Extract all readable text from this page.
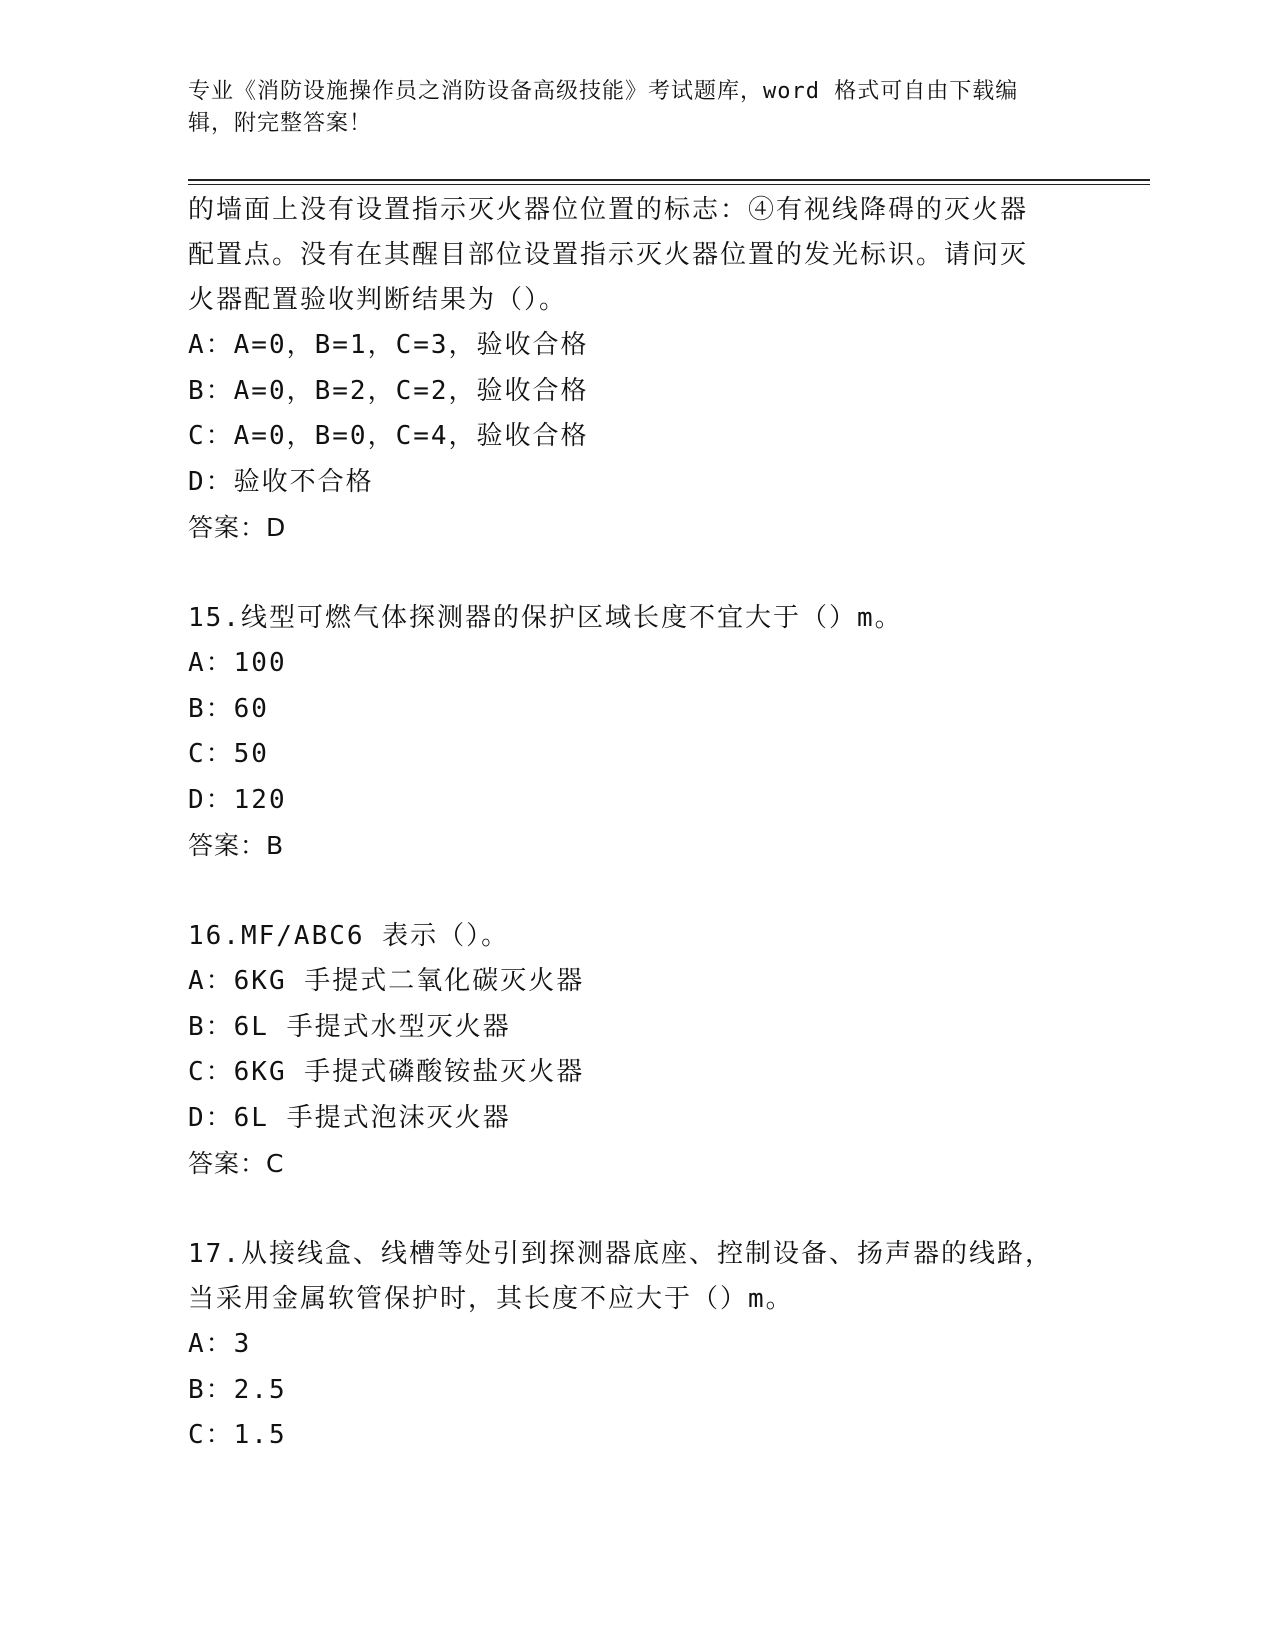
专业《消防设施操作员之消防设备高级技能》考试题库，word 格式可自由下载编
辑，附完整答案！
的墙面上没有设置指示灭火器位位置的标志：④有视线降碍的灭火器
配置点。没有在其醒目部位设置指示灭火器位置的发光标识。请问灭
火器配置验收判断结果为（）。
A：A=0，B=1，C=3，验收合格
B：A=0，B=2，C=2，验收合格
C：A=0，B=0，C=4，验收合格
D：验收不合格
答案：D
15.线型可燃气体探测器的保护区域长度不宜大于（）m。
A：100
B：60
C：50
D：120
答案：B
16.MF/ABC6 表示（）。
A：6KG 手提式二氧化碳灭火器
B：6L 手提式水型灭火器
C：6KG 手提式磷酸铵盐灭火器
D：6L 手提式泡沫灭火器
答案：C
17.从接线盒、线槽等处引到探测器底座、控制设备、扬声器的线路，
当采用金属软管保护时，其长度不应大于（）m。
A：3
B：2.5
C：1.5
